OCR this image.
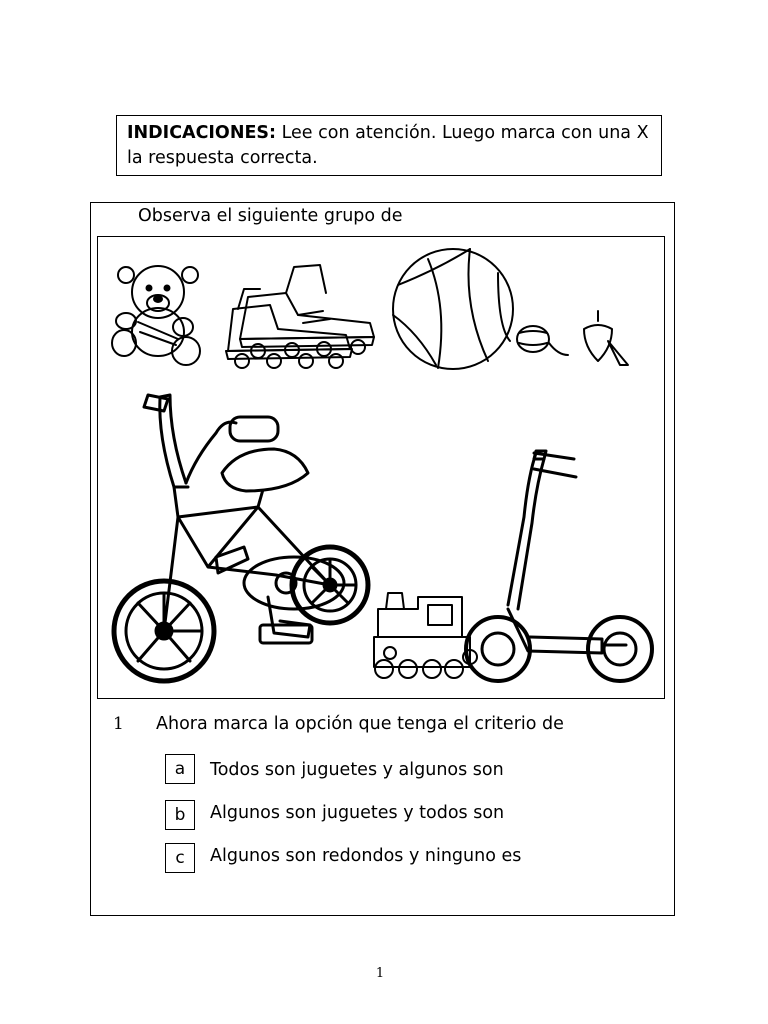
INDICACIONES: Lee con atención. Luego marca con una X la respuesta correcta.
Observa el siguiente grupo de
1 Ahora marca la opción que tenga el criterio de
a	Todos son juguetes y algunos son
b	Algunos son juguetes y todos son
c	Algunos son redondos y ninguno es
1
